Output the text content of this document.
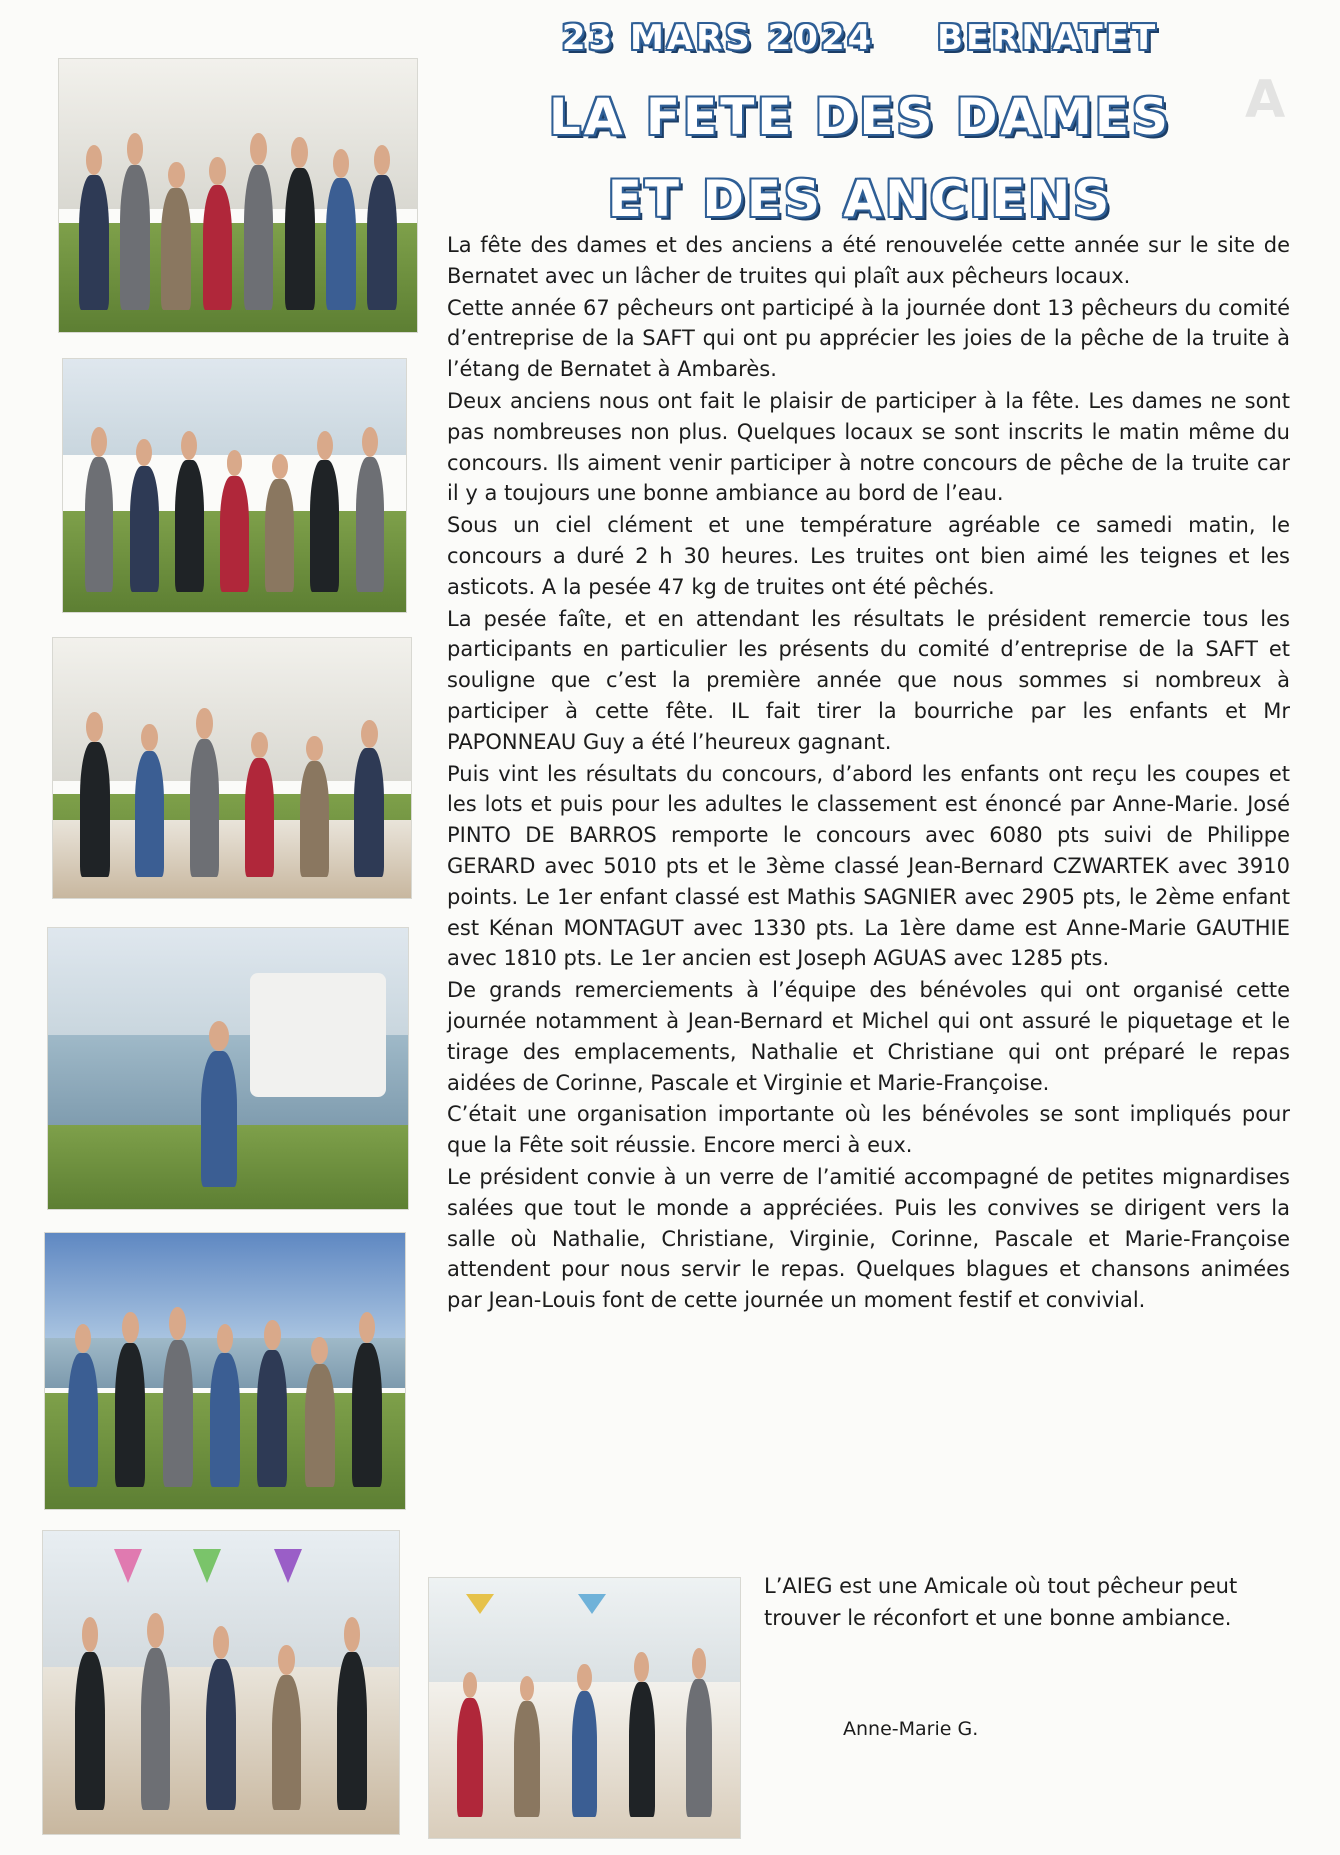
A
23 MARS 2024 BERNATET
LA FETE DES DAMES
ET DES ANCIENS

La fête des dames et des anciens a été renouvelée cette année sur le site de Bernatet avec un lâcher de truites qui plaît aux pêcheurs locaux.

Cette année 67 pêcheurs ont participé à la journée dont 13 pêcheurs du comité d’entreprise de la SAFT qui ont pu apprécier les joies de la pêche de la truite à l’étang de Bernatet à Ambarès.

Deux anciens nous ont fait le plaisir de participer à la fête. Les dames ne sont pas nombreuses non plus. Quelques locaux se sont inscrits le matin même du concours. Ils aiment venir participer à notre concours de pêche de la truite car il y a toujours une bonne ambiance au bord de l’eau.

Sous un ciel clément et une température agréable ce samedi matin, le concours a duré 2 h 30 heures. Les truites ont bien aimé les teignes et les asticots. A la pesée 47 kg de truites ont été pêchés.

La pesée faîte, et en attendant les résultats le président remercie tous les participants en particulier les présents du comité d’entreprise de la SAFT et souligne que c’est la première année que nous sommes si nombreux à participer à cette fête. IL fait tirer la bourriche par les enfants et Mr PAPONNEAU Guy a été l’heureux gagnant.

Puis vint les résultats du concours, d’abord les enfants ont reçu les coupes et les lots et puis pour les adultes le classement est énoncé par Anne-Marie. José PINTO DE BARROS remporte le concours avec 6080 pts suivi de Philippe GERARD avec 5010 pts et le 3ème classé Jean-Bernard CZWARTEK avec 3910 points. Le 1er enfant classé est Mathis SAGNIER avec 2905 pts, le 2ème enfant est Kénan MONTAGUT avec 1330 pts. La 1ère dame est Anne-Marie GAUTHIE avec 1810 pts. Le 1er ancien est Joseph AGUAS avec 1285 pts.

De grands remerciements à l’équipe des bénévoles qui ont organisé cette journée notamment à Jean-Bernard et Michel qui ont assuré le piquetage et le tirage des emplacements, Nathalie et Christiane qui ont préparé le repas aidées de Corinne, Pascale et Virginie et Marie-Françoise.

C’était une organisation importante où les bénévoles se sont impliqués pour que la Fête soit réussie. Encore merci à eux.

Le président convie à un verre de l’amitié accompagné de petites mignardises salées que tout le monde a appréciées. Puis les convives se dirigent vers la salle où Nathalie, Christiane, Virginie, Corinne, Pascale et Marie-Françoise attendent pour nous servir le repas. Quelques blagues et chansons animées par Jean-Louis font de cette journée un moment festif et convivial.

L’AIEG est une Amicale où tout pêcheur peut trouver le réconfort et une bonne ambiance.
Anne-Marie G.
